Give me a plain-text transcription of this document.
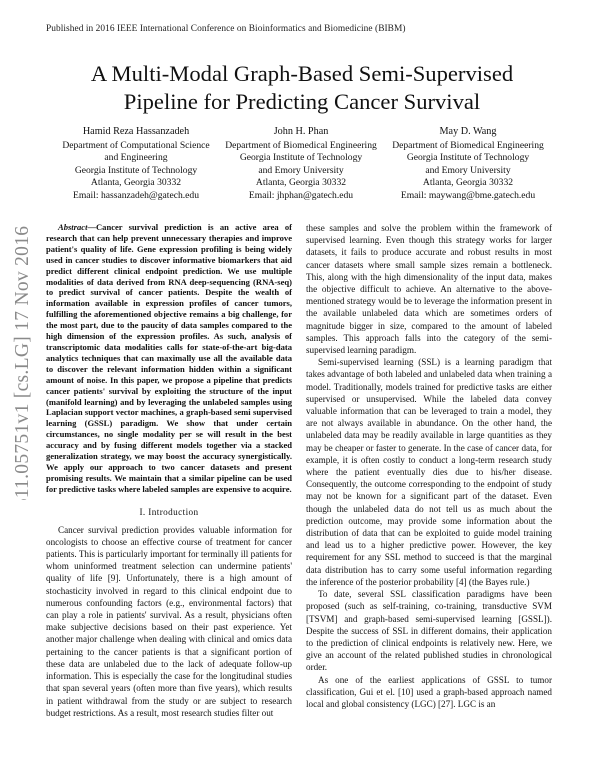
Published in 2016 IEEE International Conference on Bioinformatics and Biomedicine (BIBM)
arXiv:1611.05751v1 [cs.LG] 17 Nov 2016
A Multi-Modal Graph-Based Semi-Supervised
Pipeline for Predicting Cancer Survival
Hamid Reza Hassanzadeh
Department of Computational Science
and Engineering
Georgia Institute of Technology
Atlanta, Georgia 30332
Email: hassanzadeh@gatech.edu
John H. Phan
Department of Biomedical Engineering
Georgia Institute of Technology
and Emory University
Atlanta, Georgia 30332
Email: jhphan@gatech.edu
May D. Wang
Department of Biomedical Engineering
Georgia Institute of Technology
and Emory University
Atlanta, Georgia 30332
Email: maywang@bme.gatech.edu

Abstract—Cancer survival prediction is an active area of research that can help prevent unnecessary therapies and improve patient's quality of life. Gene expression profiling is being widely used in cancer studies to discover informative biomarkers that aid predict different clinical endpoint prediction. We use multiple modalities of data derived from RNA deep-sequencing (RNA-seq) to predict survival of cancer patients. Despite the wealth of information available in expression profiles of cancer tumors, fulfilling the aforementioned objective remains a big challenge, for the most part, due to the paucity of data samples compared to the high dimension of the expression profiles. As such, analysis of transcriptomic data modalities calls for state-of-the-art big-data analytics techniques that can maximally use all the available data to discover the relevant information hidden within a significant amount of noise. In this paper, we propose a pipeline that predicts cancer patients' survival by exploiting the structure of the input (manifold learning) and by leveraging the unlabeled samples using Laplacian support vector machines, a graph-based semi supervised learning (GSSL) paradigm. We show that under certain circumstances, no single modality per se will result in the best accuracy and by fusing different models together via a stacked generalization strategy, we may boost the accuracy synergistically. We apply our approach to two cancer datasets and present promising results. We maintain that a similar pipeline can be used for predictive tasks where labeled samples are expensive to acquire.

I. Introduction

Cancer survival prediction provides valuable information for oncologists to choose an effective course of treatment for cancer patients. This is particularly important for terminally ill patients for whom uninformed treatment selection can undermine patients' quality of life [9]. Unfortunately, there is a high amount of stochasticity involved in regard to this clinical endpoint due to numerous confounding factors (e.g., environmental factors) that can play a role in patients' survival. As a result, physicians often make subjective decisions based on their past experience. Yet another major challenge when dealing with clinical and omics data pertaining to the cancer patients is that a significant portion of these data are unlabeled due to the lack of adequate follow-up information. This is especially the case for the longitudinal studies that span several years (often more than five years), which results in patient withdrawal from the study or are subject to research budget restrictions. As a result, most research studies filter out

these samples and solve the problem within the framework of supervised learning. Even though this strategy works for larger datasets, it fails to produce accurate and robust results in most cancer datasets where small sample sizes remain a bottleneck. This, along with the high dimensionality of the input data, makes the objective difficult to achieve. An alternative to the above-mentioned strategy would be to leverage the information present in the available unlabeled data which are sometimes orders of magnitude bigger in size, compared to the amount of labeled samples. This approach falls into the category of the semi-supervised learning paradigm.

Semi-supervised learning (SSL) is a learning paradigm that takes advantage of both labeled and unlabeled data when training a model. Traditionally, models trained for predictive tasks are either supervised or unsupervised. While the labeled data convey valuable information that can be leveraged to train a model, they are not always available in abundance. On the other hand, the unlabeled data may be readily available in large quantities as they may be cheaper or faster to generate. In the case of cancer data, for example, it is often costly to conduct a long-term research study where the patient eventually dies due to his/her disease. Consequently, the outcome corresponding to the endpoint of study may not be known for a significant part of the dataset. Even though the unlabeled data do not tell us as much about the prediction outcome, may provide some information about the distribution of data that can be exploited to guide model training and lead us to a higher predictive power. However, the key requirement for any SSL method to succeed is that the marginal data distribution has to carry some useful information regarding the inference of the posterior probability [4] (the Bayes rule.)

To date, several SSL classification paradigms have been proposed (such as self-training, co-training, transductive SVM [TSVM] and graph-based semi-supervised learning [GSSL]). Despite the success of SSL in different domains, their application to the prediction of clinical endpoints is relatively new. Here, we give an account of the related published studies in chronological order.

As one of the earliest applications of GSSL to tumor classification, Gui et el. [10] used a graph-based approach named local and global consistency (LGC) [27]. LGC is an
